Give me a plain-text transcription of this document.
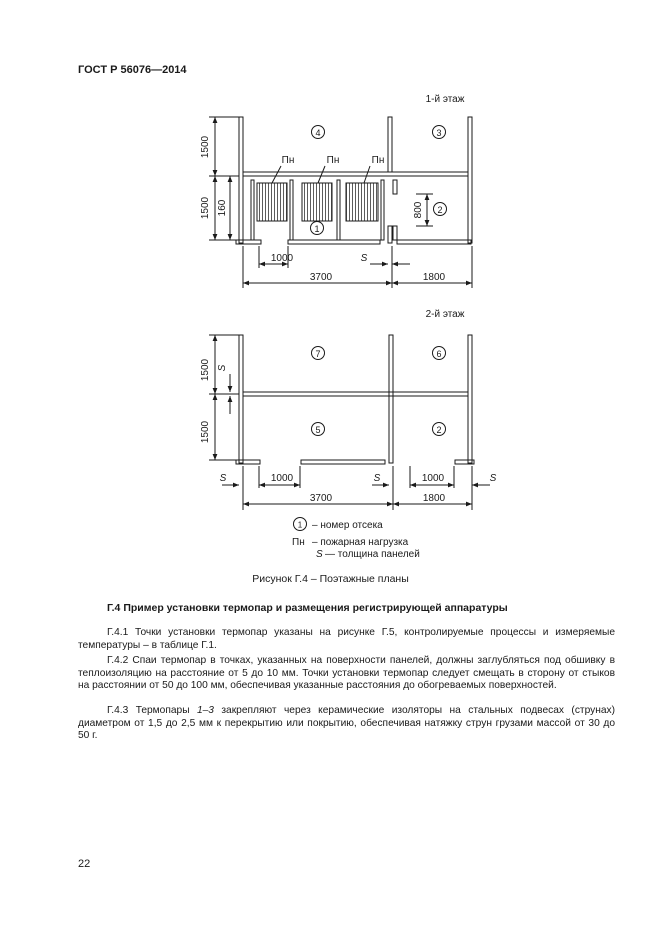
ГОСТ Р 56076—2014
1-й этаж
4	3
1
2
Пн	Пн	Пн
1500
1500 160	800
1000	S
3700	1800
2-й этаж
7	6
5	2
1500
1500
S
S	1000	S	1000	S
3700	1800
1 – номер отсека
Пн – пожарная нагрузка
S — толщина панелей
Рисунок Г.4 – Поэтажные планы
Г.4 Пример установки термопар и размещения регистрирующей аппаратуры

Г.4.1 Точки установки термопар указаны на рисунке Г.5, контролируемые процессы и измеряемые температуры – в таблице Г.1.

Г.4.2 Спаи термопар в точках, указанных на поверхности панелей, должны заглубляться под обшивку в теплоизоляцию на расстояние от 5 до 10 мм. Точки установки термопар следует смещать в сторону от стыков на расстоянии от 50 до 100 мм, обеспечивая указанные расстояния до обогреваемых поверхностей.

Г.4.3 Термопары 1–3 закрепляют через керамические изоляторы на стальных подвесах (струнах) диаметром от 1,5 до 2,5 мм к перекрытию или покрытию, обеспечивая натяжку струн грузами массой от 30 до 50 г.

22
